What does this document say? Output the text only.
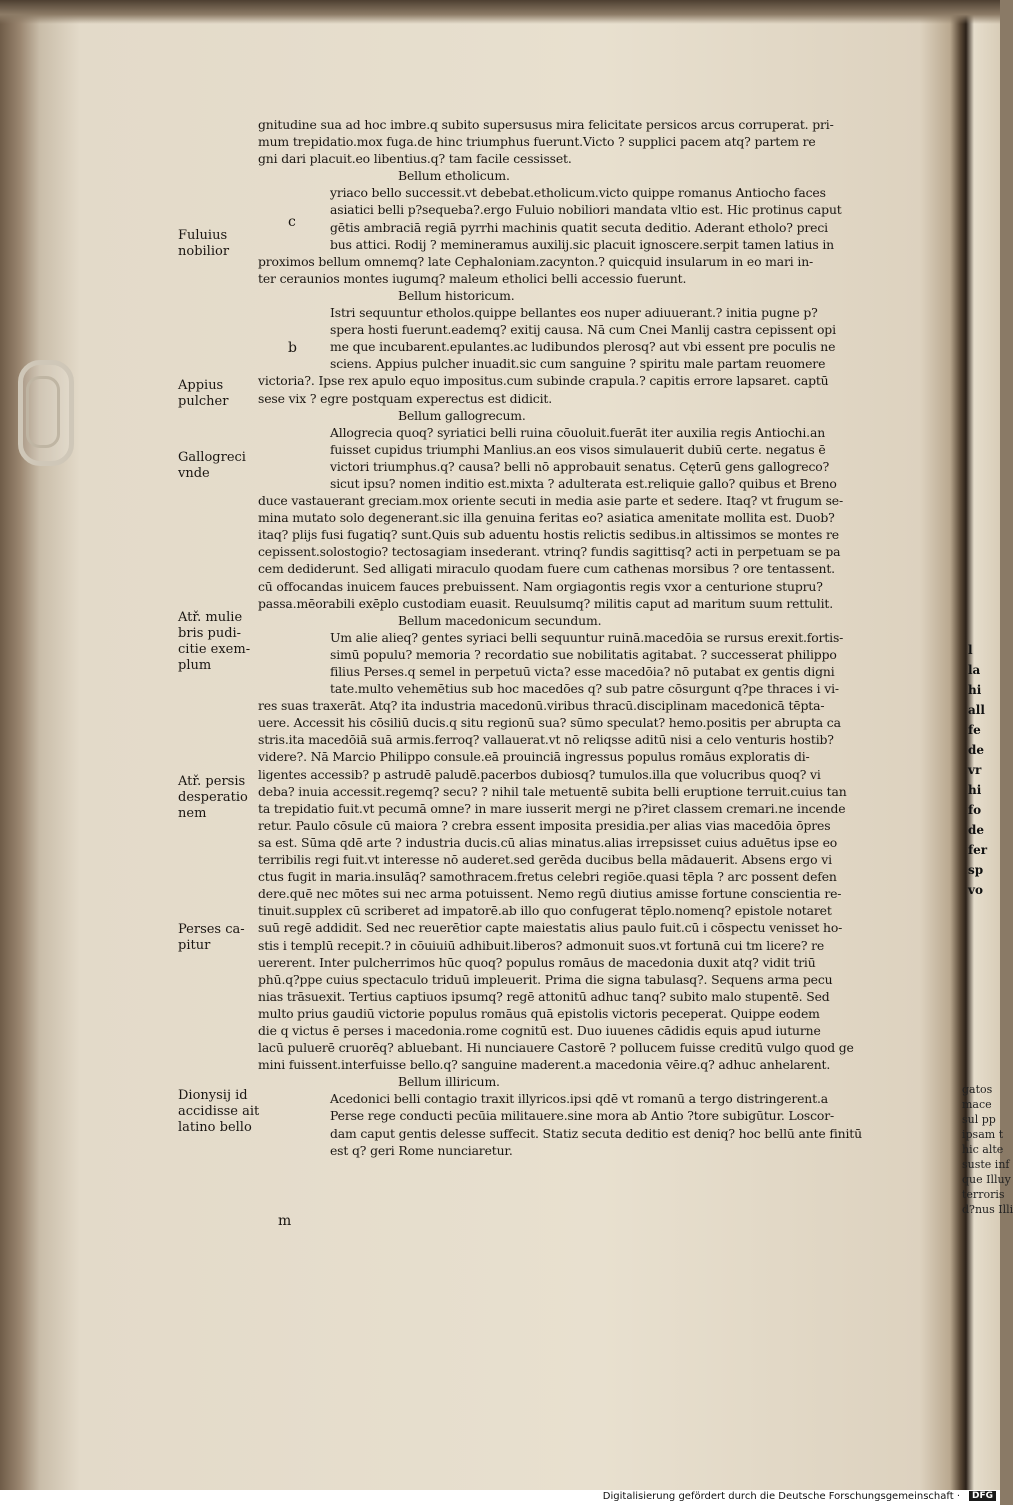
gnitudine sua ad hoc imbre.q subito supersusus mira felicitate persicos arcus corruperat. pri-
mum trepidatio.mox fuga.de hinc triumphus fuerunt.Victo ? supplici pacem atq? partem re
gni dari placuit.eo libentius.q? tam facile cessisset.
Bellum etholicum.
yriaco bello successit.vt debebat.etholicum.victo quippe romanus Antiocho faces
asiatici belli p?sequeba?.ergo Fuluio nobiliori mandata vltio est. Hic protinus caput
gētis ambraciā regiā pyrrhi machinis quatit secuta deditio. Aderant etholo? preci
bus attici. Rodij ? memineramus auxilij.sic placuit ignoscere.serpit tamen latius in
proximos bellum omnemq? late Cephaloniam.zacynton.? quicquid insularum in eo mari in-
ter ceraunios montes iugumq? maleum etholici belli accessio fuerunt.
Bellum historicum.
Istri sequuntur etholos.quippe bellantes eos nuper adiuuerant.? initia pugne p?
spera hosti fuerunt.eademq? exitij causa. Nā cum Cnei Manlij castra cepissent opi
me que incubarent.epulantes.ac ludibundos plerosq? aut vbi essent pre poculis ne
sciens. Appius pulcher inuadit.sic cum sanguine ? spiritu male partam reuomere
victoria?. Ipse rex apulo equo impositus.cum subinde crapula.? capitis errore lapsaret. captū
sese vix ? egre postquam experectus est didicit.
Bellum gallogrecum.
Allogrecia quoq? syriatici belli ruina cōuoluit.fuerāt iter auxilia regis Antiochi.an
fuisset cupidus triumphi Manlius.an eos visos simulauerit dubiū certe. negatus ē
victori triumphus.q? causa? belli nō approbauit senatus. Cęterū gens gallogreco?
sicut ipsu? nomen inditio est.mixta ? adulterata est.reliquie gallo? quibus et Breno
duce vastauerant greciam.mox oriente secuti in media asie parte et sedere. Itaq? vt frugum se-
mina mutato solo degenerant.sic illa genuina feritas eo? asiatica amenitate mollita est. Duob?
itaq? plijs fusi fugatiq? sunt.Quis sub aduentu hostis relictis sedibus.in altissimos se montes re
cepissent.solostogio? tectosagiam insederant. vtrinq? fundis sagittisq? acti in perpetuam se pa
cem dediderunt. Sed alligati miraculo quodam fuere cum cathenas morsibus ? ore tentassent.
cū offocandas inuicem fauces prebuissent. Nam orgiagontis regis vxor a centurione stupru?
passa.mēorabili exēplo custodiam euasit. Reuulsumq? militis caput ad maritum suum rettulit.
Bellum macedonicum secundum.
Um alie alieq? gentes syriaci belli sequuntur ruinā.macedōia se rursus erexit.fortis-
simū populu? memoria ? recordatio sue nobilitatis agitabat. ? successerat philippo
filius Perses.q semel in perpetuū victa? esse macedōia? nō putabat ex gentis digni
tate.multo vehemētius sub hoc macedōes q? sub patre cōsurgunt q?pe thraces i vi-
res suas traxerāt. Atq? ita industria macedonū.viribus thracū.disciplinam macedonicā tēpta-
uere. Accessit his cōsiliū ducis.q situ regionū sua? sūmo speculat? hemo.positis per abrupta ca
stris.ita macedōiā suā armis.ferroq? vallauerat.vt nō reliqsse aditū nisi a celo venturis hostib?
videre?. Nā Marcio Philippo consule.eā prouinciā ingressus populus romāus exploratis di-
ligentes accessib? p astrudē paludē.pacerbos dubiosq? tumulos.illa que volucribus quoq? vi
deba? inuia accessit.regemq? secu? ? nihil tale metuentē subita belli eruptione terruit.cuius tan
ta trepidatio fuit.vt pecumā omne? in mare iusserit mergi ne p?iret classem cremari.ne incende
retur. Paulo cōsule cū maiora ? crebra essent imposita presidia.per alias vias macedōia ōpres
sa est. Sūma qdē arte ? industria ducis.cū alias minatus.alias irrepsisset cuius aduētus ipse eo
terribilis regi fuit.vt interesse nō auderet.sed gerēda ducibus bella mādauerit. Absens ergo vi
ctus fugit in maria.insulāq? samothracem.fretus celebri regiōe.quasi tēpla ? arc possent defen
dere.quē nec mōtes sui nec arma potuissent. Nemo regū diutius amisse fortune conscientia re-
tinuit.supplex cū scriberet ad impatorē.ab illo quo confugerat tēplo.nomenq? epistole notaret
suū regē addidit. Sed nec reuerētior capte maiestatis alius paulo fuit.cū i cōspectu venisset ho-
stis i templū recepit.? in cōuiuiū adhibuit.liberos? admonuit suos.vt fortunā cui tm licere? re
uererent. Inter pulcherrimos hūc quoq? populus romāus de macedonia duxit atq? vidit triū
phū.q?ppe cuius spectaculo triduū impleuerit. Prima die signa tabulasq?. Sequens arma pecu
nias trāsuexit. Tertius captiuos ipsumq? regē attonitū adhuc tanq? subito malo stupentē. Sed
multo prius gaudiū victorie populus romāus quā epistolis victoris peceperat. Quippe eodem
die q victus ē perses i macedonia.rome cognitū est. Duo iuuenes cādidis equis apud iuturne
lacū puluerē cruorēq? abluebant. Hi nunciauere Castorē ? pollucem fuisse creditū vulgo quod ge
mini fuissent.interfuisse bello.q? sanguine maderent.a macedonia vēire.q? adhuc anhelarent.
Bellum illiricum.
Acedonici belli contagio traxit illyricos.ipsi qdē vt romanū a tergo distringerent.a
Perse rege conducti pecūia militauere.sine mora ab Antio ?tore subigūtur. Loscor-
dam caput gentis delesse suffecit. Statiz secuta deditio est deniq? hoc bellū ante finitū
est q? geri Rome nunciaretur.
Fuluius nobilior
Appius pulcher
Gallogreci vnde
Atř. mulie bris pudi- citie exem- plum
Atř. persis desperatio nem
Perses ca- pitur
Dionysij id accidisse ait latino bello
c
b
m
l
la
hi
all
fe
de
vr
hi
fo
de
fer
sp
vo
gatos
mace
sul pp
ipsam t
hic alte
suste inf
que Illuy
terroris
d?nus Illi
Digitalisierung gefördert durch die Deutsche Forschungsgemeinschaft ·	DFG
